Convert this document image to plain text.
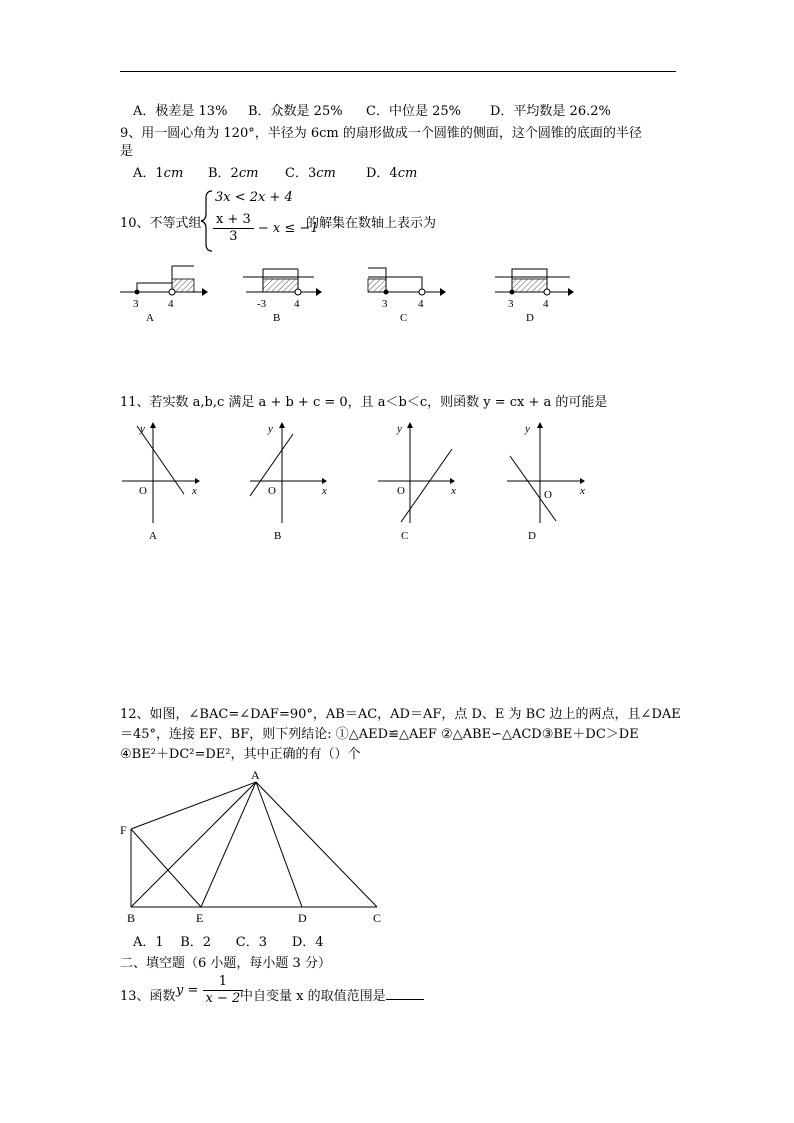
A．极差是 13% B．众数是 25% C．中位是 25% D．平均数是 26.2%
9、用一圆心角为 120°，半径为 6cm 的扇形做成一个圆锥的侧面，这个圆锥的底面的半径
是
A．1cm B．2cm C．3cm D．4cm
10、不等式组
3x < 2x + 4
$\frac{x + 3}{3} - x \le -1$
的解集在数轴上表示为
3	4
A
-3	4
B
3	4
C
3	4
D
11、若实数 a,b,c 满足 a + b + c = 0，且 a＜b＜c，则函数 y = cx + a 的可能是
y
x
O
A
y
x
O
B
y
x
O
C
y
x
O
D
12、如图，∠BAC=∠DAF=90°，AB＝AC，AD＝AF，点 D、E 为 BC 边上的两点，且∠DAE
＝45°，连接 EF、BF，则下列结论: ①△AED≌△AEF ②△ABE∽△ACD③BE＋DC＞DE
④BE²＋DC²=DE²，其中正确的有（）个
A
F
B	E	D	C
A．1    B．2      C．3      D．4
二、填空题（6 小题，每小题 3 分）
13、函数 $y = \frac{1}{x - 2}$
中自变量 x 的取值范围是
